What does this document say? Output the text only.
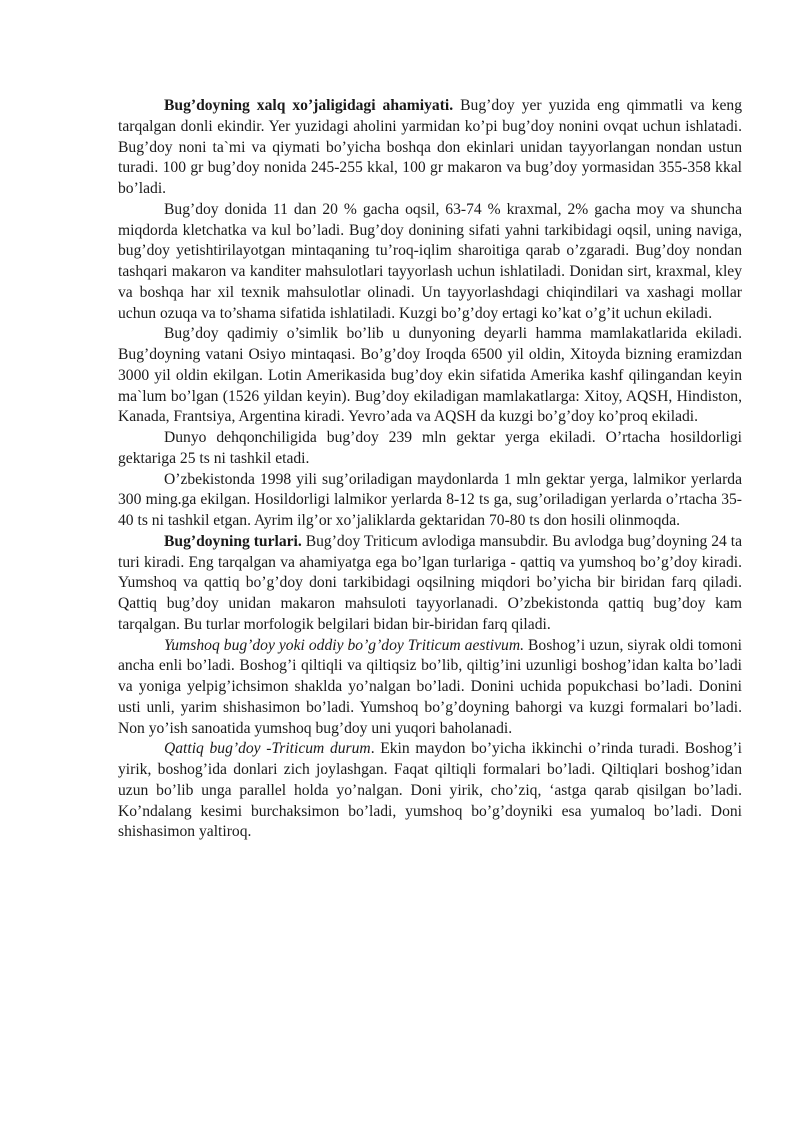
Bug’doyning xalq xo’jaligidagi ahamiyati. Bug’doy yer yuzida eng qimmatli va keng tarqalgan donli ekindir. Yer yuzidagi aholini yarmidan ko’pi bug’doy nonini ovqat uchun ishlatadi. Bug’doy noni ta`mi va qiymati bo’yicha boshqa don ekinlari unidan tayyorlangan nondan ustun turadi. 100 gr bug’doy nonida 245-255 kkal, 100 gr makaron va bug’doy yormasidan 355-358 kkal bo’ladi.

Bug’doy donida 11 dan 20 % gacha oqsil, 63-74 % kraxmal, 2% gacha moy va shuncha miqdorda kletchatka va kul bo’ladi. Bug’doy donining sifati yahni tarkibidagi oqsil, uning naviga, bug’doy yetishtirilayotgan mintaqaning tu’roq-iqlim sharoitiga qarab o’zgaradi. Bug’doy nondan tashqari makaron va kanditer mahsulotlari tayyorlash uchun ishlatiladi. Donidan sirt, kraxmal, kley va boshqa har xil texnik mahsulotlar olinadi. Un tayyorlashdagi chiqindilari va xashagi mollar uchun ozuqa va to’shama sifatida ishlatiladi. Kuzgi bo’g’doy ertagi ko’kat o’g’it uchun ekiladi.

Bug’doy qadimiy o’simlik bo’lib u dunyoning deyarli hamma mamlakatlarida ekiladi. Bug’doyning vatani Osiyo mintaqasi. Bo’g’doy Iroqda 6500 yil oldin, Xitoyda bizning eramizdan 3000 yil oldin ekilgan. Lotin Amerikasida bug’doy ekin sifatida Amerika kashf qilingandan keyin ma`lum bo’lgan (1526 yildan keyin). Bug’doy ekiladigan mamlakatlarga: Xitoy, AQSH, Hindiston, Kanada, Frantsiya, Argentina kiradi. Yevro’ada va AQSH da kuzgi bo’g’doy ko’proq ekiladi.

Dunyo dehqonchiligida bug’doy 239 mln gektar yerga ekiladi. O’rtacha hosildorligi gektariga 25 ts ni tashkil etadi.

O’zbekistonda 1998 yili sug’oriladigan maydonlarda 1 mln gektar yerga, lalmikor yerlarda 300 ming.ga ekilgan. Hosildorligi lalmikor yerlarda 8-12 ts ga, sug’oriladigan yerlarda o’rtacha 35-40 ts ni tashkil etgan. Ayrim ilg’or xo’jaliklarda gektaridan 70-80 ts don hosili olinmoqda.

Bug’doyning turlari. Bug’doy Triticum avlodiga mansubdir. Bu avlodga bug’doyning 24 ta turi kiradi. Eng tarqalgan va ahamiyatga ega bo’lgan turlariga - qattiq va yumshoq bo’g’doy kiradi. Yumshoq va qattiq bo’g’doy doni tarkibidagi oqsilning miqdori bo’yicha bir biridan farq qiladi. Qattiq bug’doy unidan makaron mahsuloti tayyorlanadi. O’zbekistonda qattiq bug’doy kam tarqalgan. Bu turlar morfologik belgilari bidan bir-biridan farq qiladi.

Yumshoq bug’doy yoki oddiy bo’g’doy Triticum aestivum. Boshog’i uzun, siyrak oldi tomoni ancha enli bo’ladi. Boshog’i qiltiqli va qiltiqsiz bo’lib, qiltig’ini uzunligi boshog’idan kalta bo’ladi va yoniga yelpig’ichsimon shaklda yo’nalgan bo’ladi. Donini uchida popukchasi bo’ladi. Donini usti unli, yarim shishasimon bo’ladi. Yumshoq bo’g’doyning bahorgi va kuzgi formalari bo’ladi. Non yo’ish sanoatida yumshoq bug’doy uni yuqori baholanadi.

Qattiq bug’doy -Triticum durum. Ekin maydon bo’yicha ikkinchi o’rinda turadi. Boshog’i yirik, boshog’ida donlari zich joylashgan. Faqat qiltiqli formalari bo’ladi. Qiltiqlari boshog’idan uzun bo’lib unga parallel holda yo’nalgan. Doni yirik, cho’ziq, ‘astga qarab qisilgan bo’ladi. Ko’ndalang kesimi burchaksimon bo’ladi, yumshoq bo’g’doyniki esa yumaloq bo’ladi. Doni shishasimon yaltiroq.
